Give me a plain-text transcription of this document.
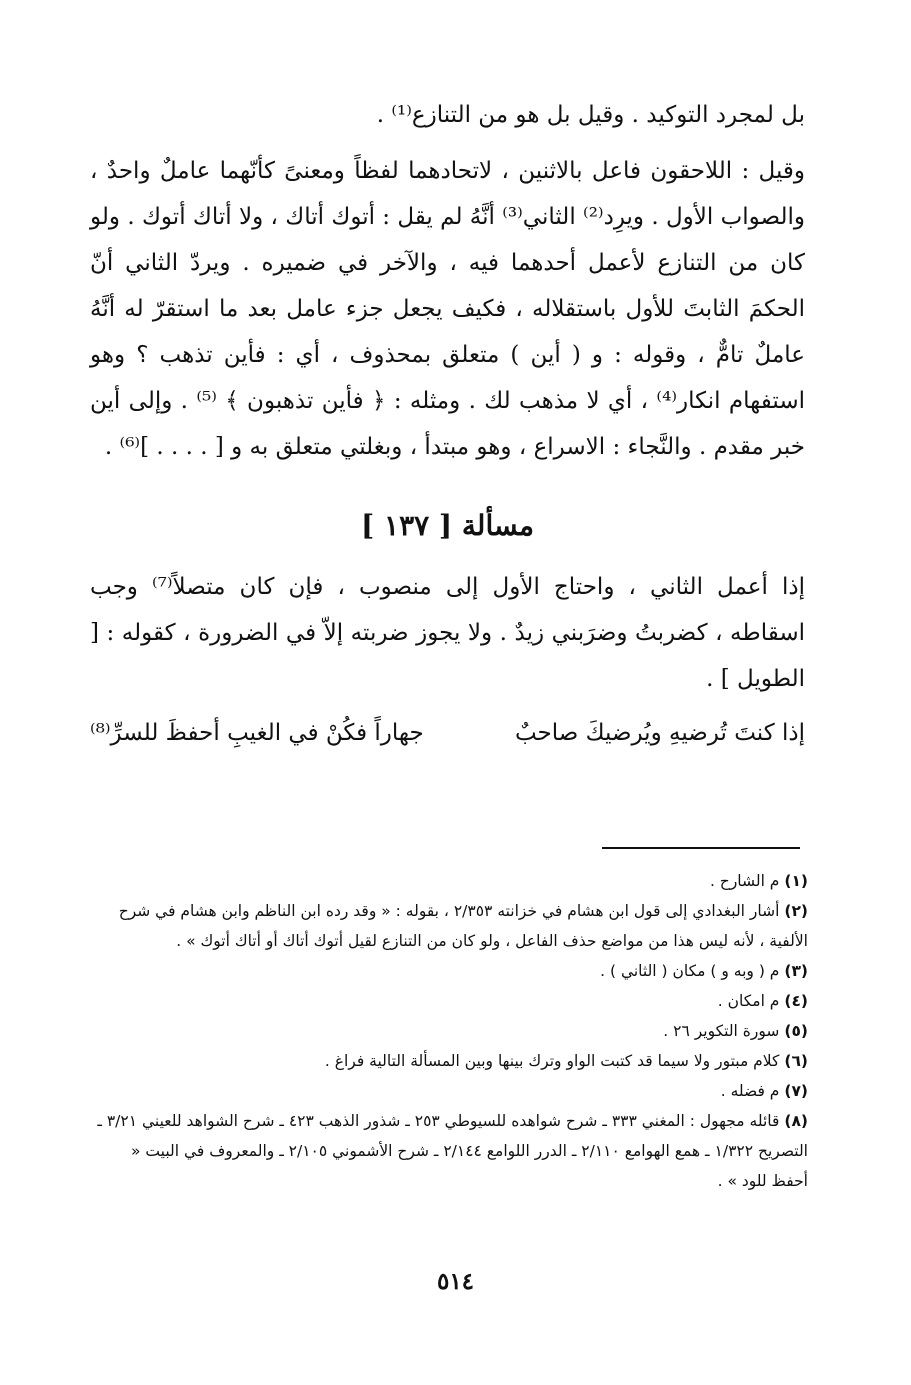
بل لمجرد التوكيد . وقيل بل هو من التنازع⁽¹⁾ .

وقيل : اللاحقون فاعل بالاثنين ، لاتحادهما لفظاً ومعنىً كأنّهما عاملٌ واحدٌ ، والصواب الأول . ويرِد⁽²⁾ الثاني⁽³⁾ أنَّهُ لم يقل : أتوك أتاك ، ولا أتاك أتوك . ولو كان من التنازع لأعمل أحدهما فيه ، والآخر في ضميره . ويردّ الثاني أنّ الحكمَ الثابتَ للأول باستقلاله ، فكيف يجعل جزء عامل بعد ما استقرّ له أنَّهُ عاملٌ تامٌّ ، وقوله : و ( أين ) متعلق بمحذوف ، أي : فأين تذهب ؟ وهو استفهام انكار⁽⁴⁾ ، أي لا مذهب لك . ومثله : ﴿ فأين تذهبون ﴾ ⁽⁵⁾ . وإلى أين خبر مقدم . والنَّجاء : الاسراع ، وهو مبتدأ ، وبغلتي متعلق به و [ . . . . ]⁽⁶⁾ .

مسألة [ ١٣٧ ]

إذا أعمل الثاني ، واحتاج الأول إلى منصوب ، فإن كان متصلاً⁽⁷⁾ وجب اسقاطه ، كضربتُ وضرَبني زيدٌ . ولا يجوز ضربته إلاّ في الضرورة ، كقوله : [ الطويل ] .

إذا كنتَ تُرضيهِ ويُرضيكَ صاحبٌ
جهاراً فكُنْ في الغيبِ أحفظَ للسرِّ⁽⁸⁾

(١) م الشارح .

(٢) أشار البغدادي إلى قول ابن هشام في خزانته ٢/٣٥٣ ، بقوله : « وقد رده ابن الناظم وابن هشام في شرح الألفية ، لأنه ليس هذا من مواضع حذف الفاعل ، ولو كان من التنازع لقيل أتوك أتاك أو أتاك أتوك » .

(٣) م ( وبه و ) مكان ( الثاني ) .

(٤) م امكان .

(٥) سورة التكوير ٢٦ .

(٦) كلام مبتور ولا سيما قد كتبت الواو وترك بينها وبين المسألة التالية فراغ .

(٧) م فضله .

(٨) قائله مجهول : المغني ٣٣٣ ـ شرح شواهده للسيوطي ٢٥٣ ـ شذور الذهب ٤٢٣ ـ شرح الشواهد للعيني ٣/٢١ ـ التصريح ١/٣٢٢ ـ همع الهوامع ٢/١١٠ ـ الدرر اللوامع ٢/١٤٤ ـ شرح الأشموني ٢/١٠٥ ـ والمعروف في البيت « أحفظ للود » .

٥١٤
